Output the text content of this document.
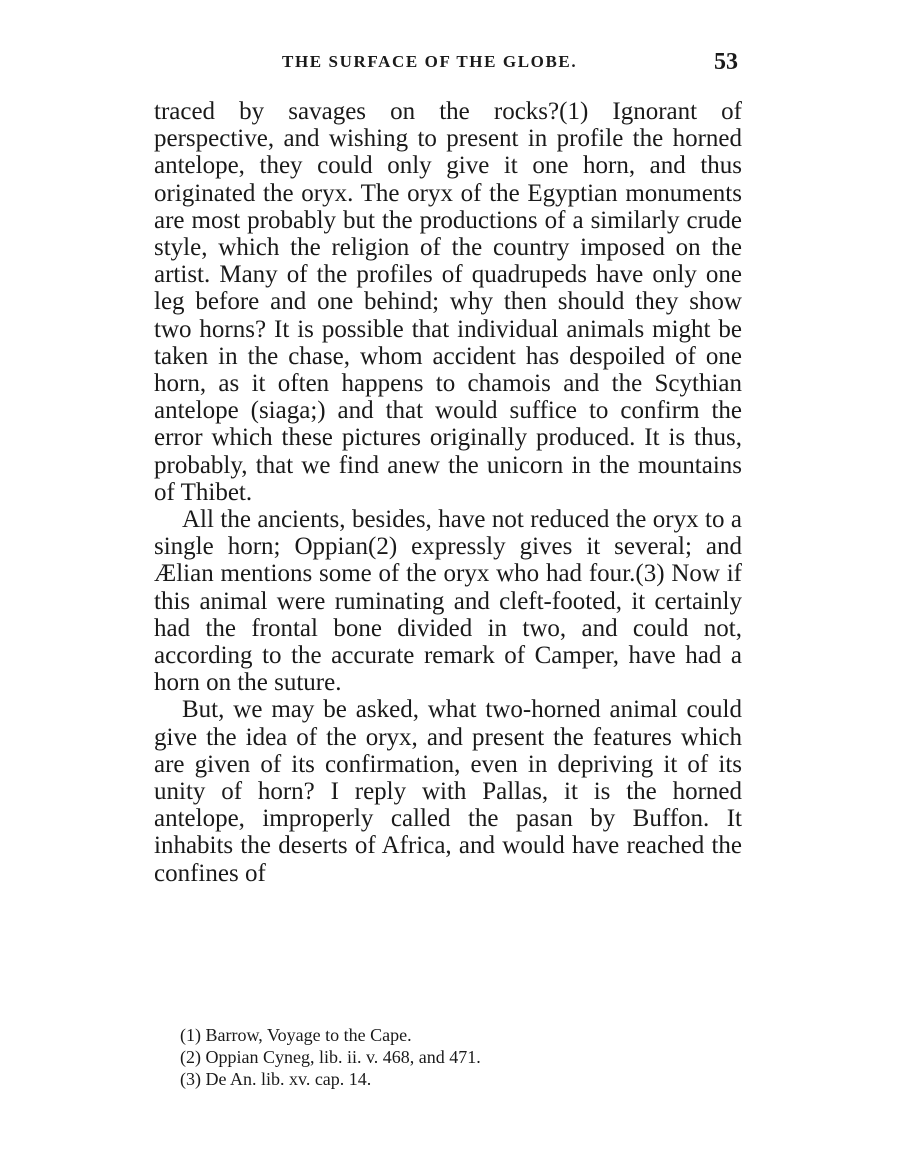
THE SURFACE OF THE GLOBE.	53

traced by savages on the rocks?(1) Ignorant of perspective, and wishing to present in profile the horned antelope, they could only give it one horn, and thus originated the oryx. The oryx of the Egyptian monuments are most probably but the productions of a similarly crude style, which the religion of the country imposed on the artist. Many of the profiles of quadrupeds have only one leg before and one behind; why then should they show two horns? It is possible that individual animals might be taken in the chase, whom accident has despoiled of one horn, as it often happens to chamois and the Scythian antelope (siaga;) and that would suffice to confirm the error which these pictures originally produced. It is thus, probably, that we find anew the unicorn in the mountains of Thibet.

All the ancients, besides, have not reduced the oryx to a single horn; Oppian(2) expressly gives it several; and Ælian mentions some of the oryx who had four.(3) Now if this animal were ruminating and cleft-footed, it certainly had the frontal bone divided in two, and could not, according to the accurate remark of Camper, have had a horn on the suture.

But, we may be asked, what two-horned animal could give the idea of the oryx, and present the features which are given of its confirmation, even in depriving it of its unity of horn? I reply with Pallas, it is the horned antelope, improperly called the pasan by Buffon. It inhabits the deserts of Africa, and would have reached the confines of

(1) Barrow, Voyage to the Cape.

(2) Oppian Cyneg, lib. ii. v. 468, and 471.

(3) De An. lib. xv. cap. 14.
